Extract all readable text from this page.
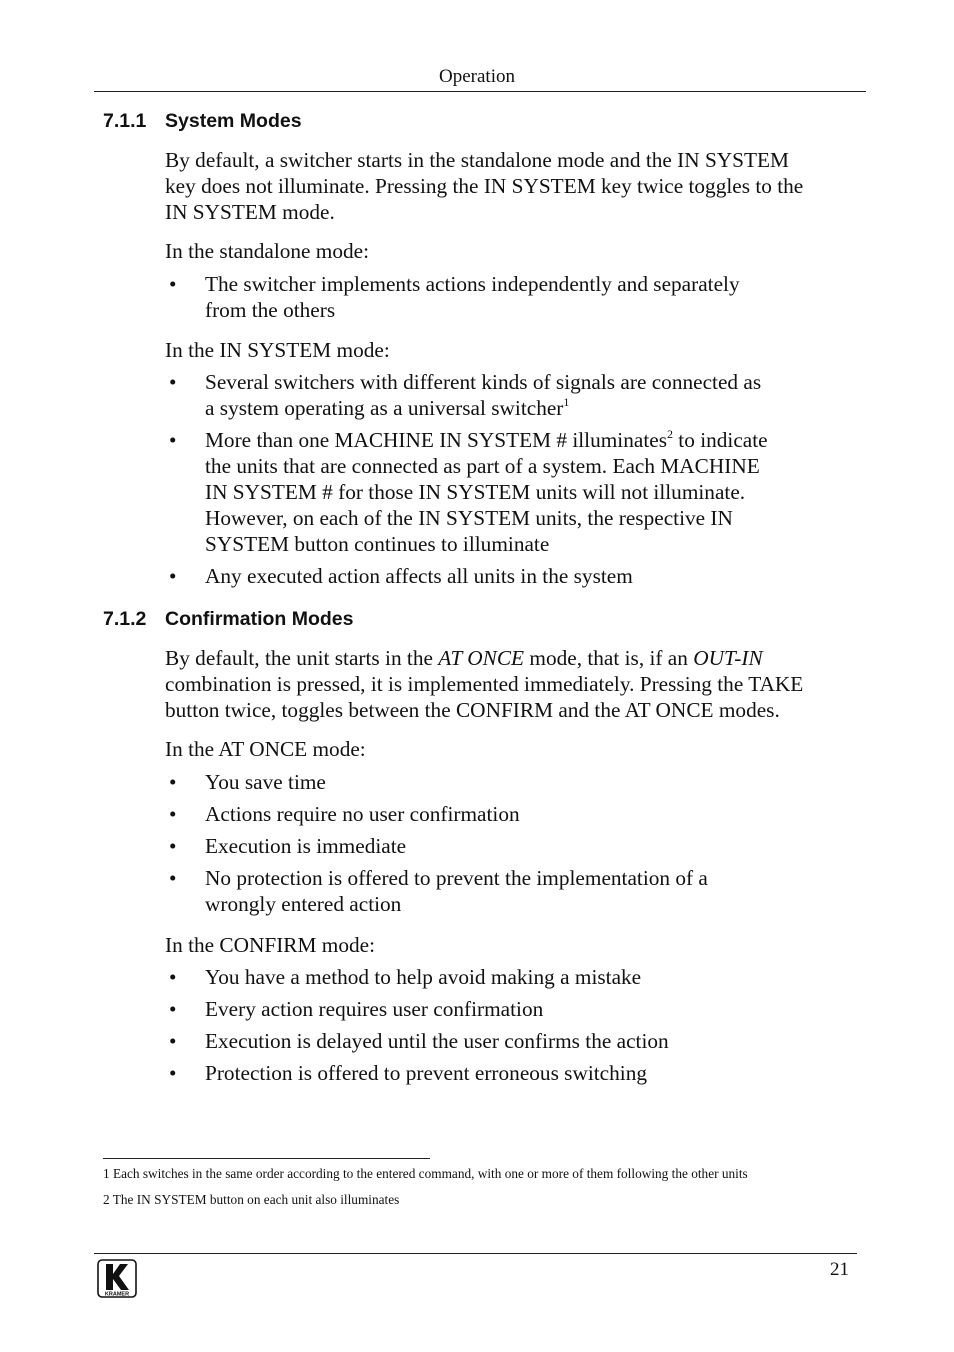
Operation
7.1.1 System Modes

By default, a switcher starts in the standalone mode and the IN SYSTEM
key does not illuminate. Pressing the IN SYSTEM key twice toggles to the
IN SYSTEM mode.

In the standalone mode:

• The switcher implements actions independently and separately
from the others

In the IN SYSTEM mode:

• Several switchers with different kinds of signals are connected as
a system operating as a universal switcher$^1$
• More than one MACHINE IN SYSTEM # illuminates$^2$ to indicate
the units that are connected as part of a system. Each MACHINE
IN SYSTEM # for those IN SYSTEM units will not illuminate.
However, on each of the IN SYSTEM units, the respective IN
SYSTEM button continues to illuminate
• Any executed action affects all units in the system
7.1.2 Confirmation Modes

By default, the unit starts in the AT ONCE mode, that is, if an OUT-IN
combination is pressed, it is implemented immediately. Pressing the TAKE
button twice, toggles between the CONFIRM and the AT ONCE modes.

In the AT ONCE mode:

• You save time
• Actions require no user confirmation
• Execution is immediate
• No protection is offered to prevent the implementation of a
wrongly entered action

In the CONFIRM mode:

• You have a method to help avoid making a mistake
• Every action requires user confirmation
• Execution is delayed until the user confirms the action
• Protection is offered to prevent erroneous switching
1 Each switches in the same order according to the entered command, with one or more of them following the other units
2 The IN SYSTEM button on each unit also illuminates
KRAMER
21
